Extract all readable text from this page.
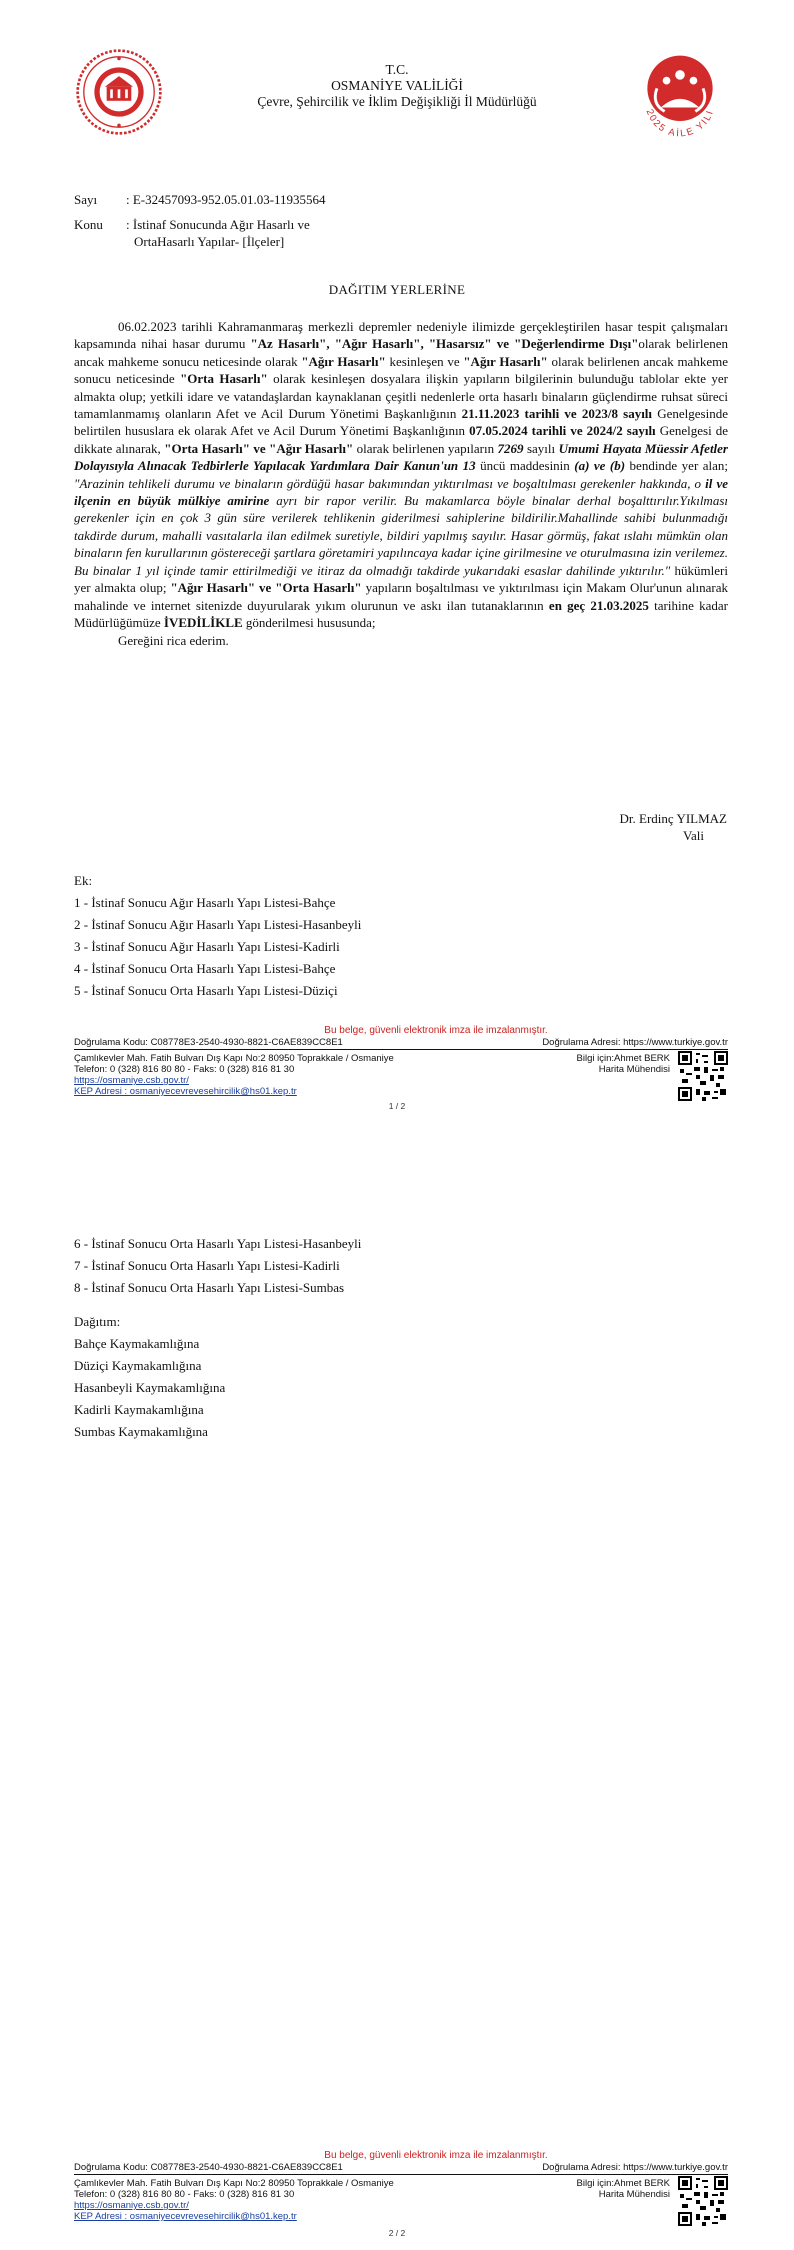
T.C.
OSMANİYE VALİLİĞİ
Çevre, Şehircilik ve İklim Değişikliği İl Müdürlüğü
2025 AİLE YILI
Sayı : E-32457093-952.05.01.03-11935564
Konu : İstinaf Sonucunda Ağır Hasarlı ve
OrtaHasarlı Yapılar- [İlçeler]
DAĞITIM YERLERİNE

06.02.2023 tarihli Kahramanmaraş merkezli depremler nedeniyle ilimizde gerçekleştirilen hasar tespit çalışmaları kapsamında nihai hasar durumu "Az Hasarlı", "Ağır Hasarlı", "Hasarsız" ve "Değerlendirme Dışı"olarak belirlenen ancak mahkeme sonucu neticesinde olarak "Ağır Hasarlı" kesinleşen ve "Ağır Hasarlı" olarak belirlenen ancak mahkeme sonucu neticesinde "Orta Hasarlı" olarak kesinleşen dosyalara ilişkin yapıların bilgilerinin bulunduğu tablolar ekte yer almakta olup; yetkili idare ve vatandaşlardan kaynaklanan çeşitli nedenlerle orta hasarlı binaların güçlendirme ruhsat süreci tamamlanmamış olanların Afet ve Acil Durum Yönetimi Başkanlığının 21.11.2023 tarihli ve 2023/8 sayılı Genelgesinde belirtilen hususlara ek olarak Afet ve Acil Durum Yönetimi Başkanlığının 07.05.2024 tarihli ve 2024/2 sayılı Genelgesi de dikkate alınarak, "Orta Hasarlı" ve "Ağır Hasarlı" olarak belirlenen yapıların 7269 sayılı Umumi Hayata Müessir Afetler Dolayısıyla Alınacak Tedbirlerle Yapılacak Yardımlara Dair Kanun'un 13 üncü maddesinin (a) ve (b) bendinde yer alan; "Arazinin tehlikeli durumu ve binaların gördüğü hasar bakımından yıktırılması ve boşaltılması gerekenler hakkında, o il ve ilçenin en büyük mülkiye amirine ayrı bir rapor verilir. Bu makamlarca böyle binalar derhal boşalttırılır.Yıkılması gerekenler için en çok 3 gün süre verilerek tehlikenin giderilmesi sahiplerine bildirilir.Mahallinde sahibi bulunmadığı takdirde durum, mahalli vasıtalarla ilan edilmek suretiyle, bildiri yapılmış sayılır. Hasar görmüş, fakat ıslahı mümkün olan binaların fen kurullarının göstereceği şartlara göretamiri yapılıncaya kadar içine girilmesine ve oturulmasına izin verilemez. Bu binalar 1 yıl içinde tamir ettirilmediği ve itiraz da olmadığı takdirde yukarıdaki esaslar dahilinde yıktırılır." hükümleri yer almakta olup; "Ağır Hasarlı" ve "Orta Hasarlı" yapıların boşaltılması ve yıktırılması için Makam Olur'unun alınarak mahalinde ve internet sitenizde duyurularak yıkım olurunun ve askı ilan tutanaklarının en geç 21.03.2025 tarihine kadar Müdürlüğümüze İVEDİLİKLE gönderilmesi hususunda;

Gereğini rica ederim.

Dr. Erdinç YILMAZ
Vali
Ek:
1 - İstinaf Sonucu Ağır Hasarlı Yapı Listesi-Bahçe
2 - İstinaf Sonucu Ağır Hasarlı Yapı Listesi-Hasanbeyli
3 - İstinaf Sonucu Ağır Hasarlı Yapı Listesi-Kadirli
4 - İstinaf Sonucu Orta Hasarlı Yapı Listesi-Bahçe
5 - İstinaf Sonucu Orta Hasarlı Yapı Listesi-Düziçi
Bu belge, güvenli elektronik imza ile imzalanmıştır.
Doğrulama Kodu: C08778E3-2540-4930-8821-C6AE839CC8E1	Doğrulama Adresi: https://www.turkiye.gov.tr
Çamlıkevler Mah. Fatih Bulvarı Dış Kapı No:2 80950 Toprakkale / Osmaniye
Telefon: 0 (328) 816 80 80 - Faks: 0 (328) 816 81 30
https://osmaniye.csb.gov.tr/
KEP Adresi : osmaniyecevrevesehircilik@hs01.kep.tr
Bilgi için:Ahmet BERK
Harita Mühendisi
1 / 2
6 - İstinaf Sonucu Orta Hasarlı Yapı Listesi-Hasanbeyli
7 - İstinaf Sonucu Orta Hasarlı Yapı Listesi-Kadirli
8 - İstinaf Sonucu Orta Hasarlı Yapı Listesi-Sumbas
Dağıtım:
Bahçe Kaymakamlığına
Düziçi Kaymakamlığına
Hasanbeyli Kaymakamlığına
Kadirli Kaymakamlığına
Sumbas Kaymakamlığına
Bu belge, güvenli elektronik imza ile imzalanmıştır.
Doğrulama Kodu: C08778E3-2540-4930-8821-C6AE839CC8E1	Doğrulama Adresi: https://www.turkiye.gov.tr
Çamlıkevler Mah. Fatih Bulvarı Dış Kapı No:2 80950 Toprakkale / Osmaniye
Telefon: 0 (328) 816 80 80 - Faks: 0 (328) 816 81 30
https://osmaniye.csb.gov.tr/
KEP Adresi : osmaniyecevrevesehircilik@hs01.kep.tr
Bilgi için:Ahmet BERK
Harita Mühendisi
2 / 2
